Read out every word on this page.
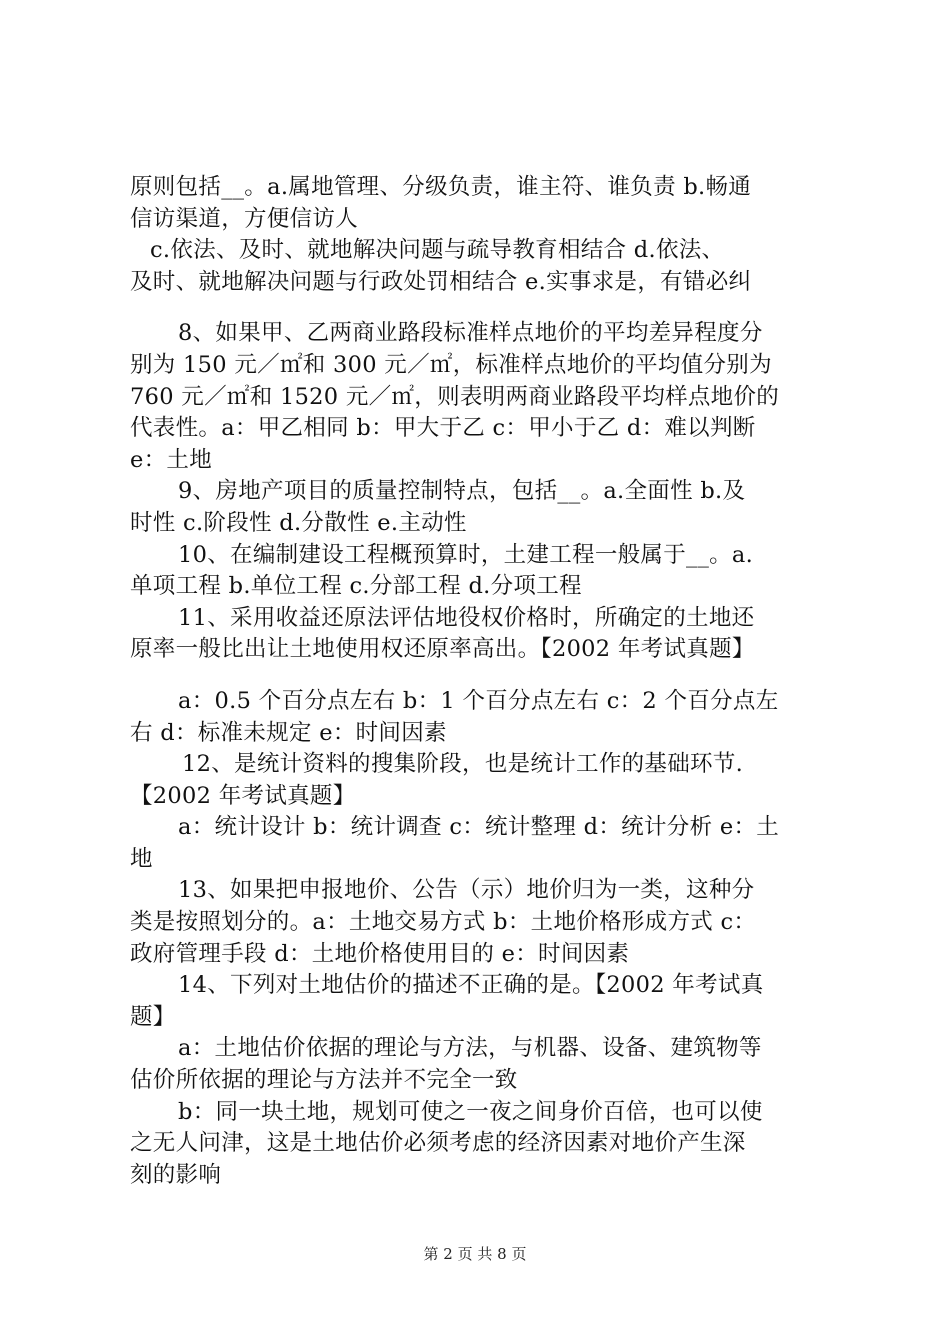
原则包括__。a.属地管理、分级负责，谁主符、谁负责 b.畅通
信访渠道，方便信访人
c.依法、及时、就地解决问题与疏导教育相结合 d.依法、
及时、就地解决问题与行政处罚相结合 e.实事求是，有错必纠
8、如果甲、乙两商业路段标准样点地价的平均差异程度分
别为 150 元／㎡和 300 元／㎡，标准样点地价的平均值分别为
760 元／㎡和 1520 元／㎡，则表明两商业路段平均样点地价的
代表性。a：甲乙相同 b：甲大于乙 c：甲小于乙 d：难以判断
e：土地
9、房地产项目的质量控制特点，包括__。a.全面性 b.及
时性 c.阶段性 d.分散性 e.主动性
10、在编制建设工程概预算时，土建工程一般属于__。a.
单项工程 b.单位工程 c.分部工程 d.分项工程
11、采用收益还原法评估地役权价格时，所确定的土地还
原率一般比出让土地使用权还原率高出。【2002 年考试真题】
a：0.5 个百分点左右 b：1 个百分点左右 c：2 个百分点左
右 d：标准未规定 e：时间因素
12、是统计资料的搜集阶段，也是统计工作的基础环节.
【2002 年考试真题】
a：统计设计 b：统计调查 c：统计整理 d：统计分析 e：土
地
13、如果把申报地价、公告（示）地价归为一类，这种分
类是按照划分的。a：土地交易方式 b：土地价格形成方式 c：
政府管理手段 d：土地价格使用目的 e：时间因素
14、下列对土地估价的描述不正确的是。【2002 年考试真
题】
a：土地估价依据的理论与方法，与机器、设备、建筑物等
估价所依据的理论与方法并不完全一致
b：同一块土地，规划可使之一夜之间身价百倍，也可以使
之无人问津，这是土地估价必须考虑的经济因素对地价产生深
刻的影响
第 2 页 共 8 页
